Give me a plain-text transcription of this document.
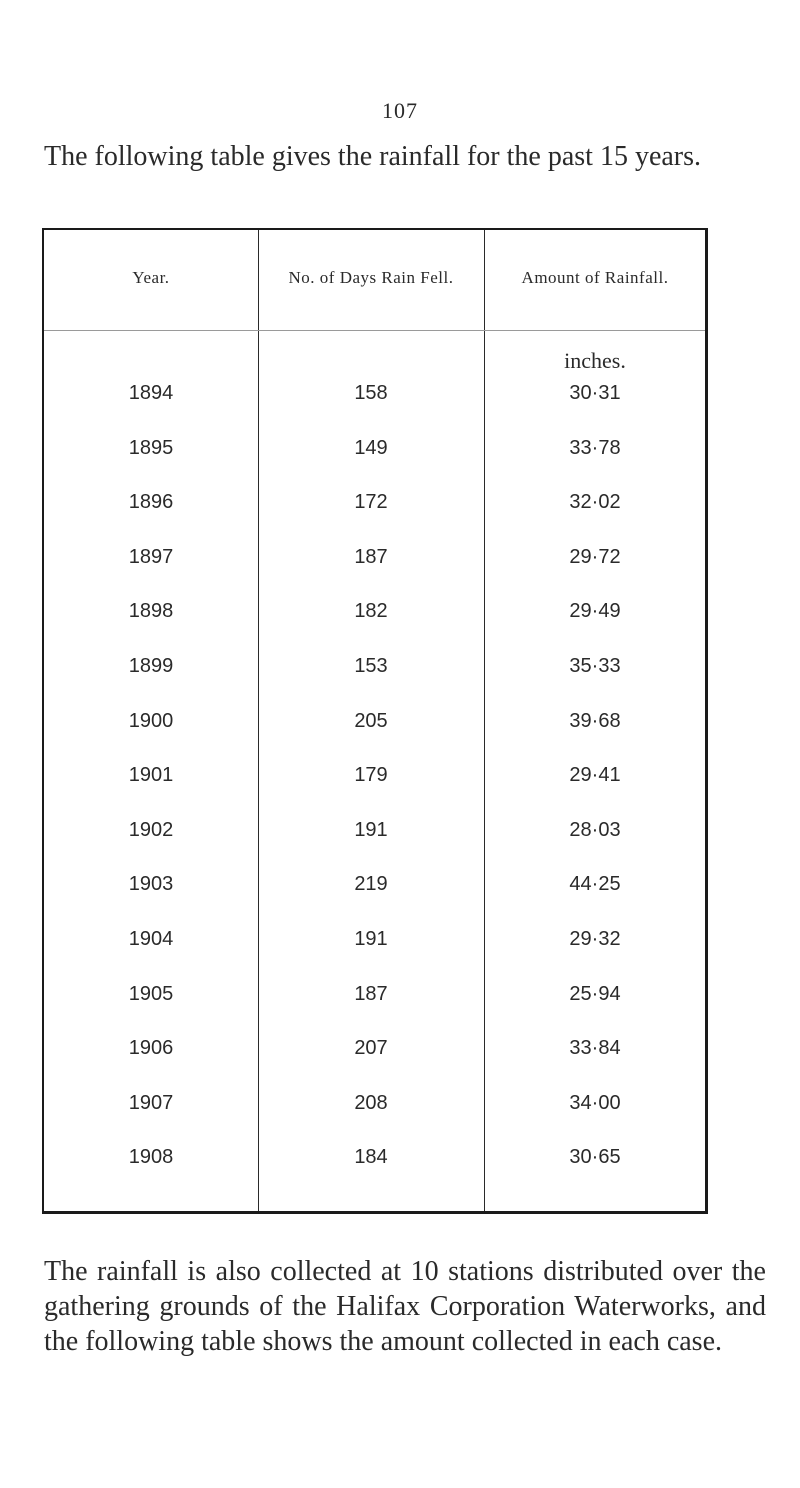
107

The following table gives the rainfall for the past 15 years.

Year.	No. of Days Rain Fell.	Amount of Rainfall.
inches.
1894	158	30·31
1895	149	33·78
1896	172	32·02
1897	187	29·72
1898	182	29·49
1899	153	35·33
1900	205	39·68
1901	179	29·41
1902	191	28·03
1903	219	44·25
1904	191	29·32
1905	187	25·94
1906	207	33·84
1907	208	34·00
1908	184	30·65

The rainfall is also collected at 10 stations distributed over the gathering grounds of the Halifax Corporation Waterworks, and the following table shows the amount collected in each case.
